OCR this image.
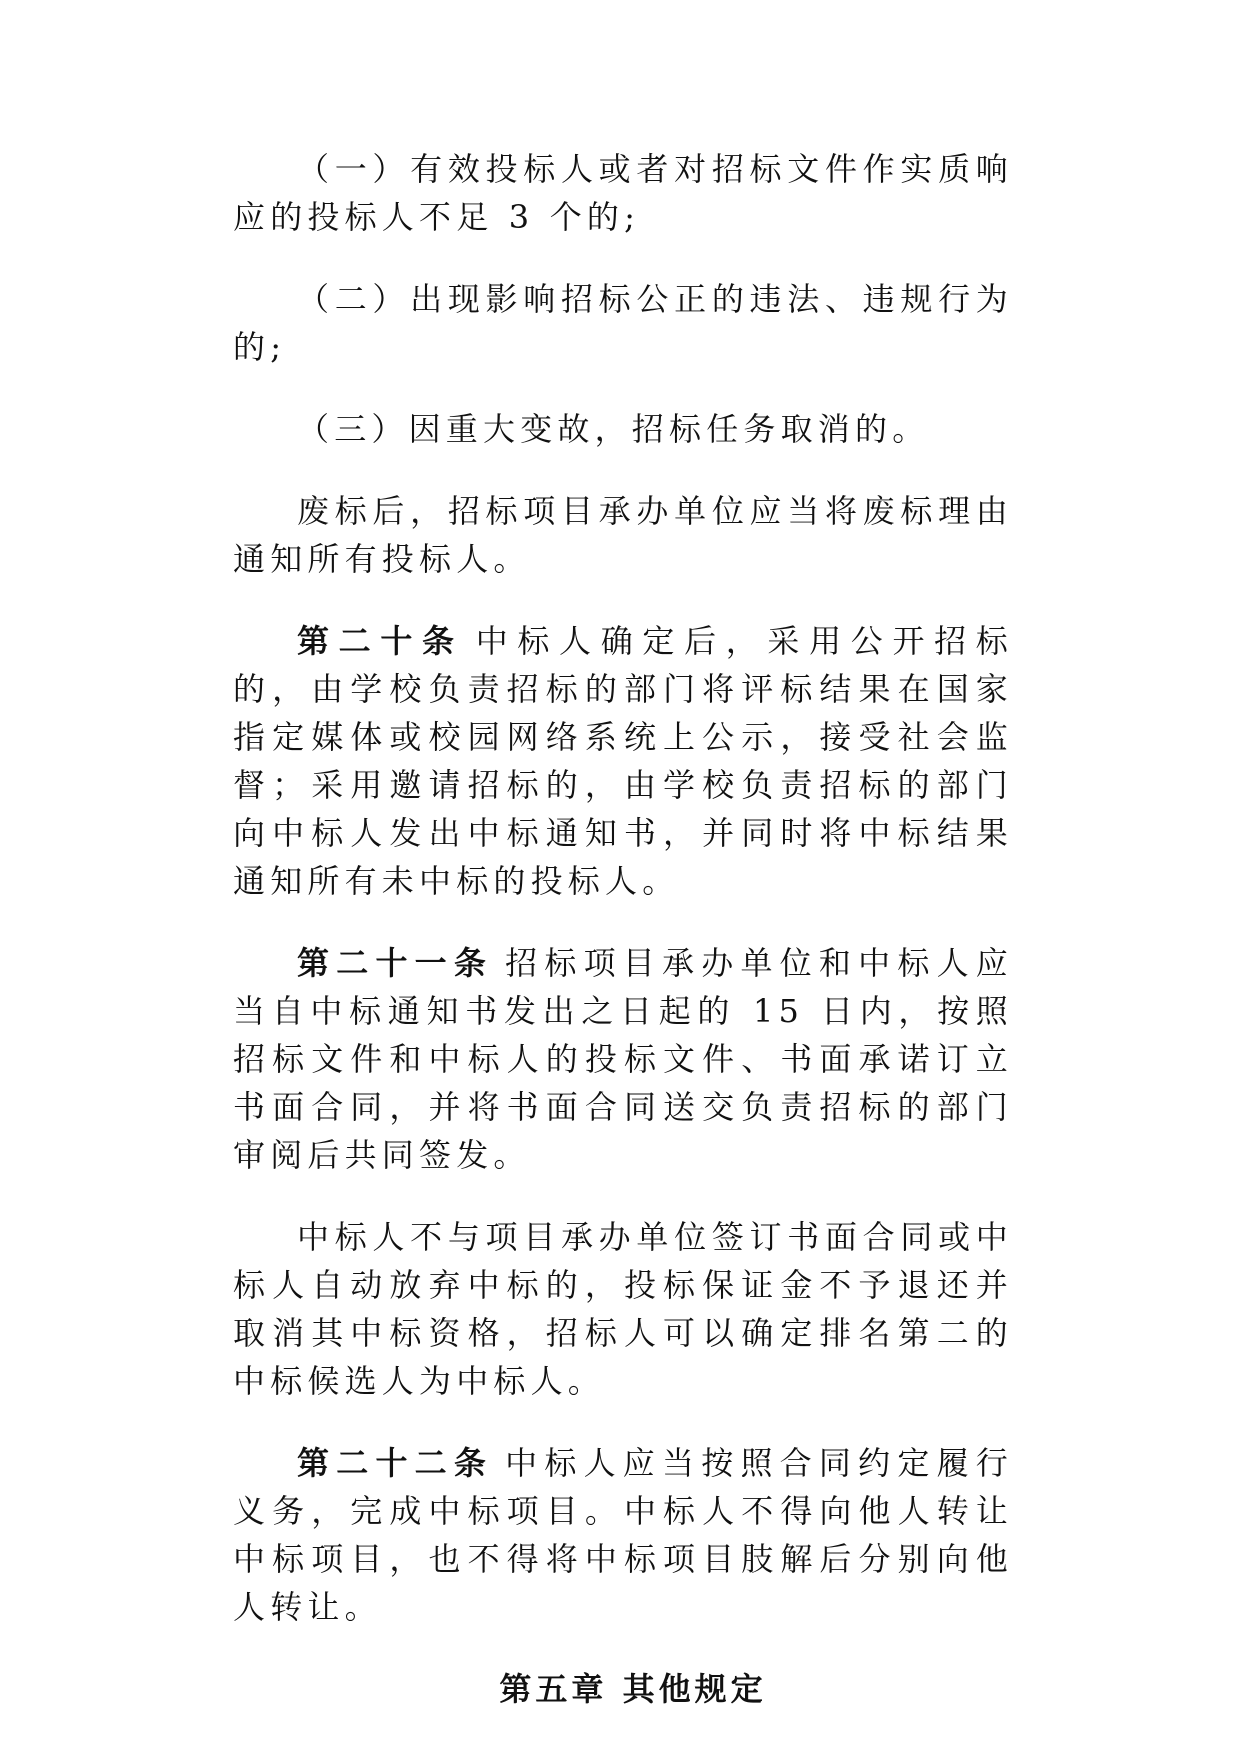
（一）有效投标人或者对招标文件作实质响应的投标人不足 3 个的;

（二）出现影响招标公正的违法、违规行为的;

（三）因重大变故，招标任务取消的。

废标后，招标项目承办单位应当将废标理由通知所有投标人。

第二十条 中标人确定后，采用公开招标的，由学校负责招标的部门将评标结果在国家指定媒体或校园网络系统上公示，接受社会监督；采用邀请招标的，由学校负责招标的部门向中标人发出中标通知书，并同时将中标结果通知所有未中标的投标人。

第二十一条 招标项目承办单位和中标人应当自中标通知书发出之日起的 15 日内，按照招标文件和中标人的投标文件、书面承诺订立书面合同，并将书面合同送交负责招标的部门审阅后共同签发。

中标人不与项目承办单位签订书面合同或中标人自动放弃中标的，投标保证金不予退还并取消其中标资格，招标人可以确定排名第二的中标候选人为中标人。

第二十二条 中标人应当按照合同约定履行义务，完成中标项目。中标人不得向他人转让中标项目，也不得将中标项目肢解后分别向他人转让。

第五章 其他规定
